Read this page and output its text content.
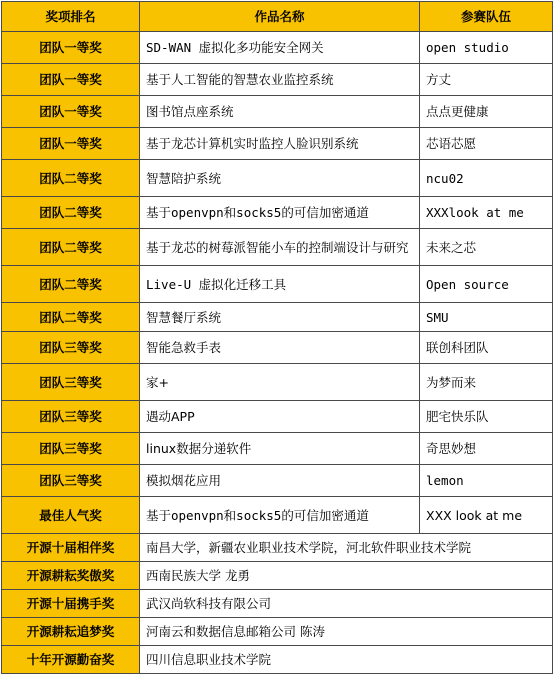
奖项排名	作品名称	参赛队伍
团队一等奖	SD-WAN 虚拟化多功能安全网关	open studio
团队一等奖	基于人工智能的智慧农业监控系统	方丈
团队一等奖	图书馆点座系统	点点更健康
团队一等奖	基于龙芯计算机实时监控人脸识别系统	芯语芯愿
团队二等奖	智慧陪护系统	ncu02
团队二等奖	基于openvpn和socks5的可信加密通道	XXXlook at me
团队二等奖	基于龙芯的树莓派智能小车的控制端设计与研究	未来之芯
团队二等奖	Live-U 虚拟化迁移工具	Open source
团队二等奖	智慧餐厅系统	SMU
团队三等奖	智能急救手表	联创科团队
团队三等奖	家+	为梦而来
团队三等奖	遇动APP	肥宅快乐队
团队三等奖	linux数据分递软件	奇思妙想
团队三等奖	模拟烟花应用	lemon
最佳人气奖	基于openvpn和socks5的可信加密通道	XXX look at me
开源十届相伴奖	南昌大学，新疆农业职业技术学院，河北软件职业技术学院	
开源耕耘奖傲奖	西南民族大学 龙勇	
开源十届携手奖	武汉尚软科技有限公司	
开源耕耘追梦奖	河南云和数据信息邮箱公司 陈涛	
十年开源勤奋奖	四川信息职业技术学院	
